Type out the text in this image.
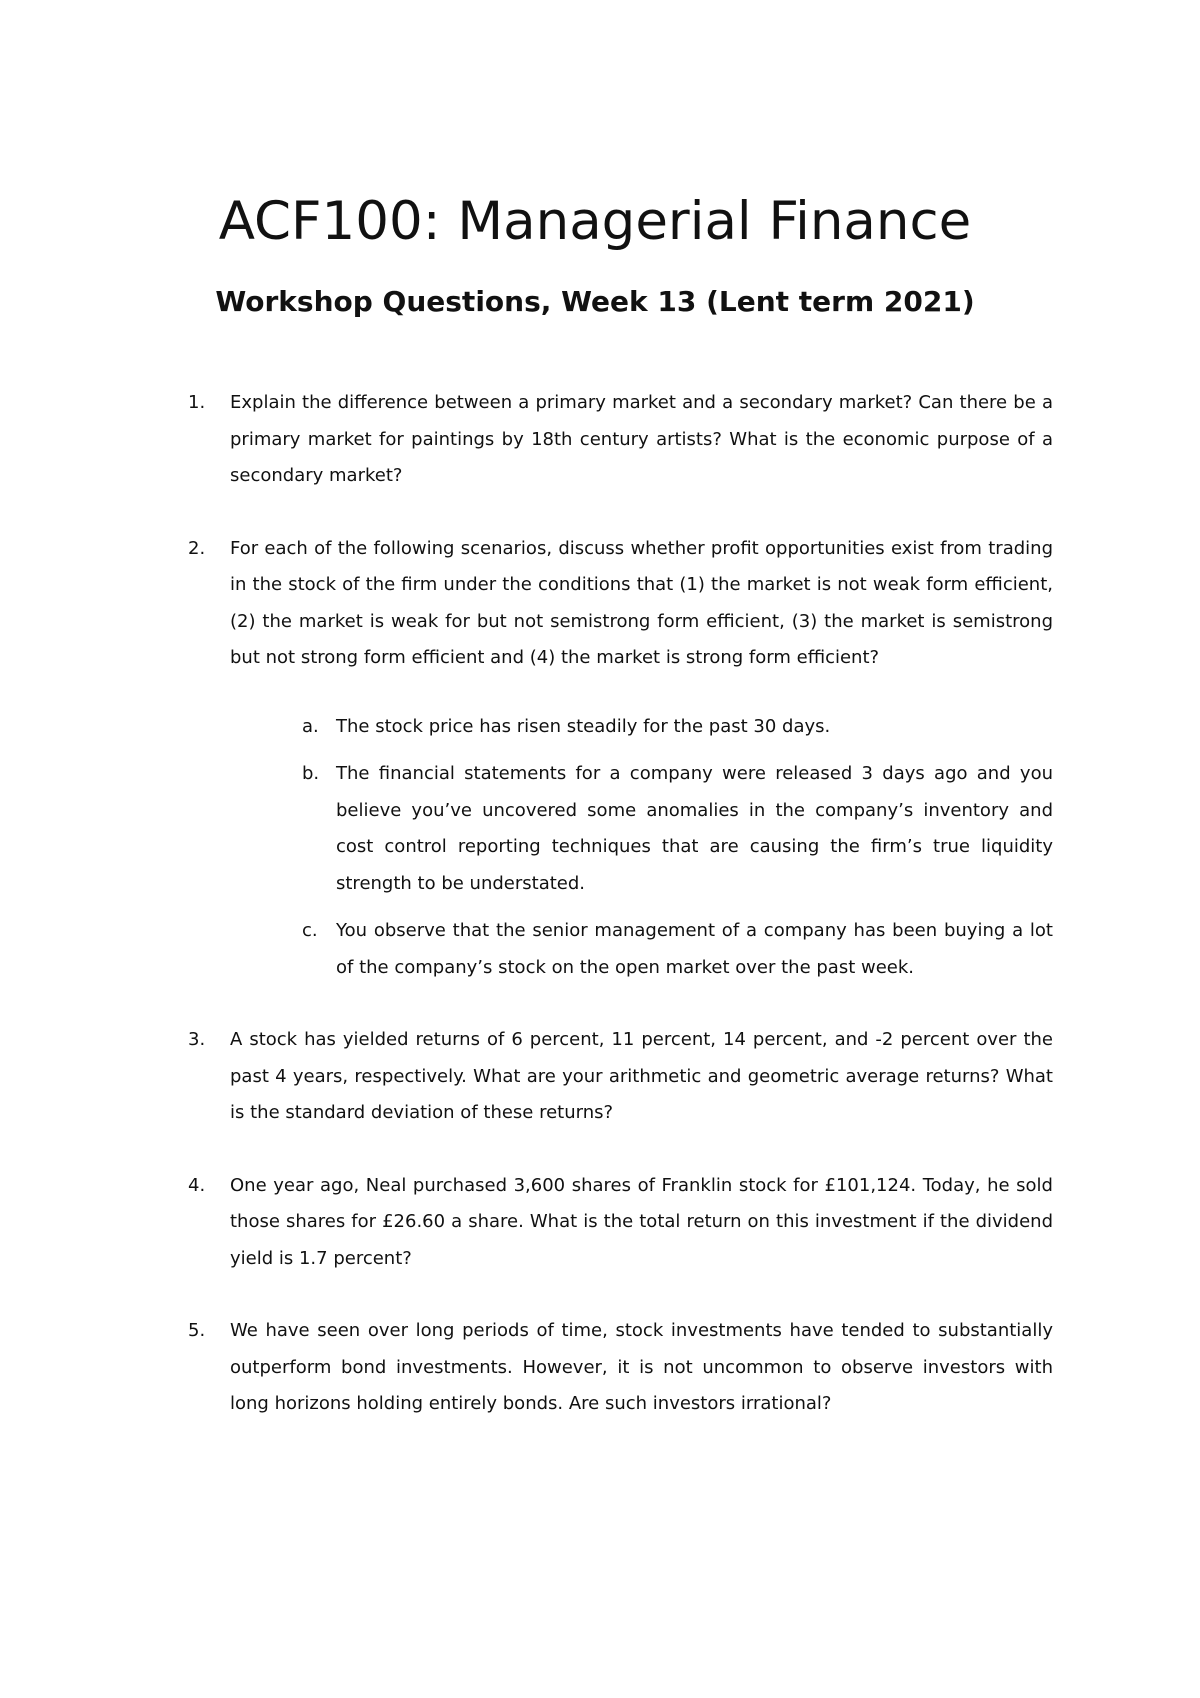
ACF100: Managerial Finance
Workshop Questions, Week 13 (Lent term 2021)
1. Explain the difference between a primary market and a secondary market? Can there be a primary market for paintings by 18th century artists? What is the economic purpose of a secondary market?
2. For each of the following scenarios, discuss whether profit opportunities exist from trading in the stock of the firm under the conditions that (1) the market is not weak form efficient, (2) the market is weak for but not semistrong form efficient, (3) the market is semistrong but not strong form efficient and (4) the market is strong form efficient?
a. The stock price has risen steadily for the past 30 days.
b. The financial statements for a company were released 3 days ago and you believe you’ve uncovered some anomalies in the company’s inventory and cost control reporting techniques that are causing the firm’s true liquidity strength to be understated.
c. You observe that the senior management of a company has been buying a lot of the company’s stock on the open market over the past week.
3. A stock has yielded returns of 6 percent, 11 percent, 14 percent, and -2 percent over the past 4 years, respectively. What are your arithmetic and geometric average returns? What is the standard deviation of these returns?
4. One year ago, Neal purchased 3,600 shares of Franklin stock for £101,124. Today, he sold those shares for £26.60 a share. What is the total return on this investment if the dividend yield is 1.7 percent?
5. We have seen over long periods of time, stock investments have tended to substantially outperform bond investments. However, it is not uncommon to observe investors with long horizons holding entirely bonds. Are such investors irrational?
